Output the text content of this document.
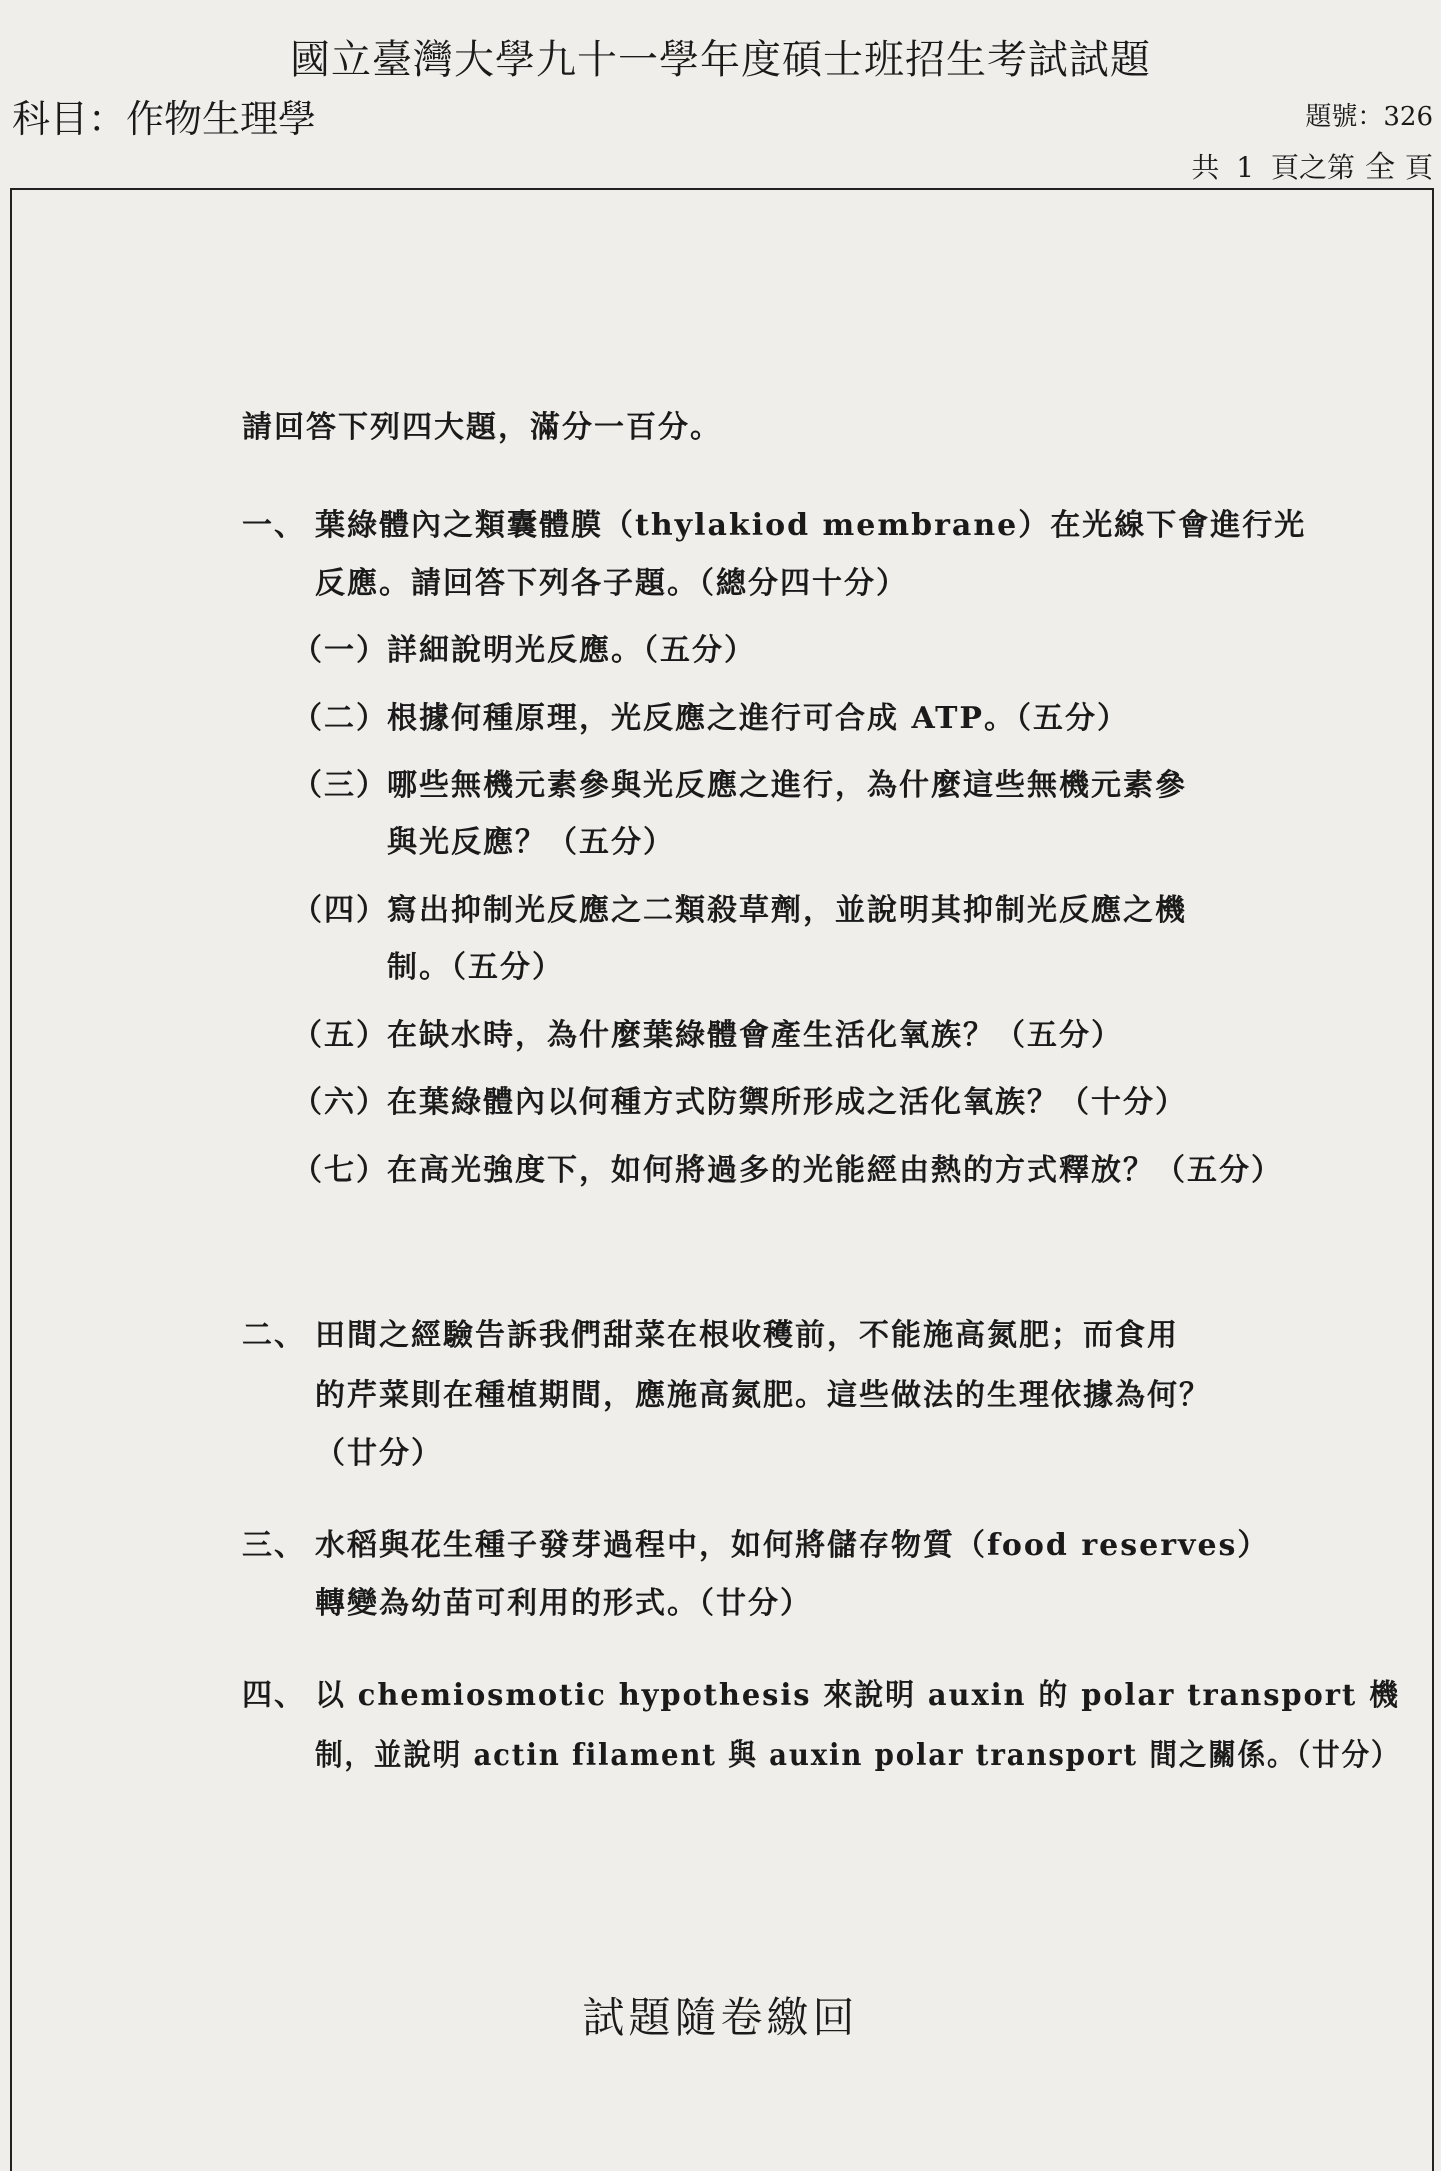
國立臺灣大學九十一學年度碩士班招生考試試題
科目：作物生理學	題號：326
共 1 頁之第 全 頁
請回答下列四大題，滿分一百分。
一、 葉綠體內之類囊體膜（thylakiod membrane）在光線下會進行光
反應。請回答下列各子題。（總分四十分）
（一） 詳細說明光反應。（五分）
（二） 根據何種原理，光反應之進行可合成 ATP。（五分）
（三） 哪些無機元素參與光反應之進行，為什麼這些無機元素參
與光反應？（五分）
（四） 寫出抑制光反應之二類殺草劑，並說明其抑制光反應之機
制。（五分）
（五） 在缺水時，為什麼葉綠體會產生活化氧族？（五分）
（六） 在葉綠體內以何種方式防禦所形成之活化氧族？（十分）
（七） 在高光強度下，如何將過多的光能經由熱的方式釋放？（五分）
二、 田間之經驗告訴我們甜菜在根收穫前，不能施高氮肥；而食用
的芹菜則在種植期間，應施高氮肥。這些做法的生理依據為何？
（廿分）
三、 水稻與花生種子發芽過程中，如何將儲存物質（food reserves）
轉變為幼苗可利用的形式。（廿分）
四、 以 chemiosmotic hypothesis 來說明 auxin 的 polar transport 機
制，並說明 actin filament 與 auxin polar transport 間之關係。（廿分）
試題隨卷繳回
